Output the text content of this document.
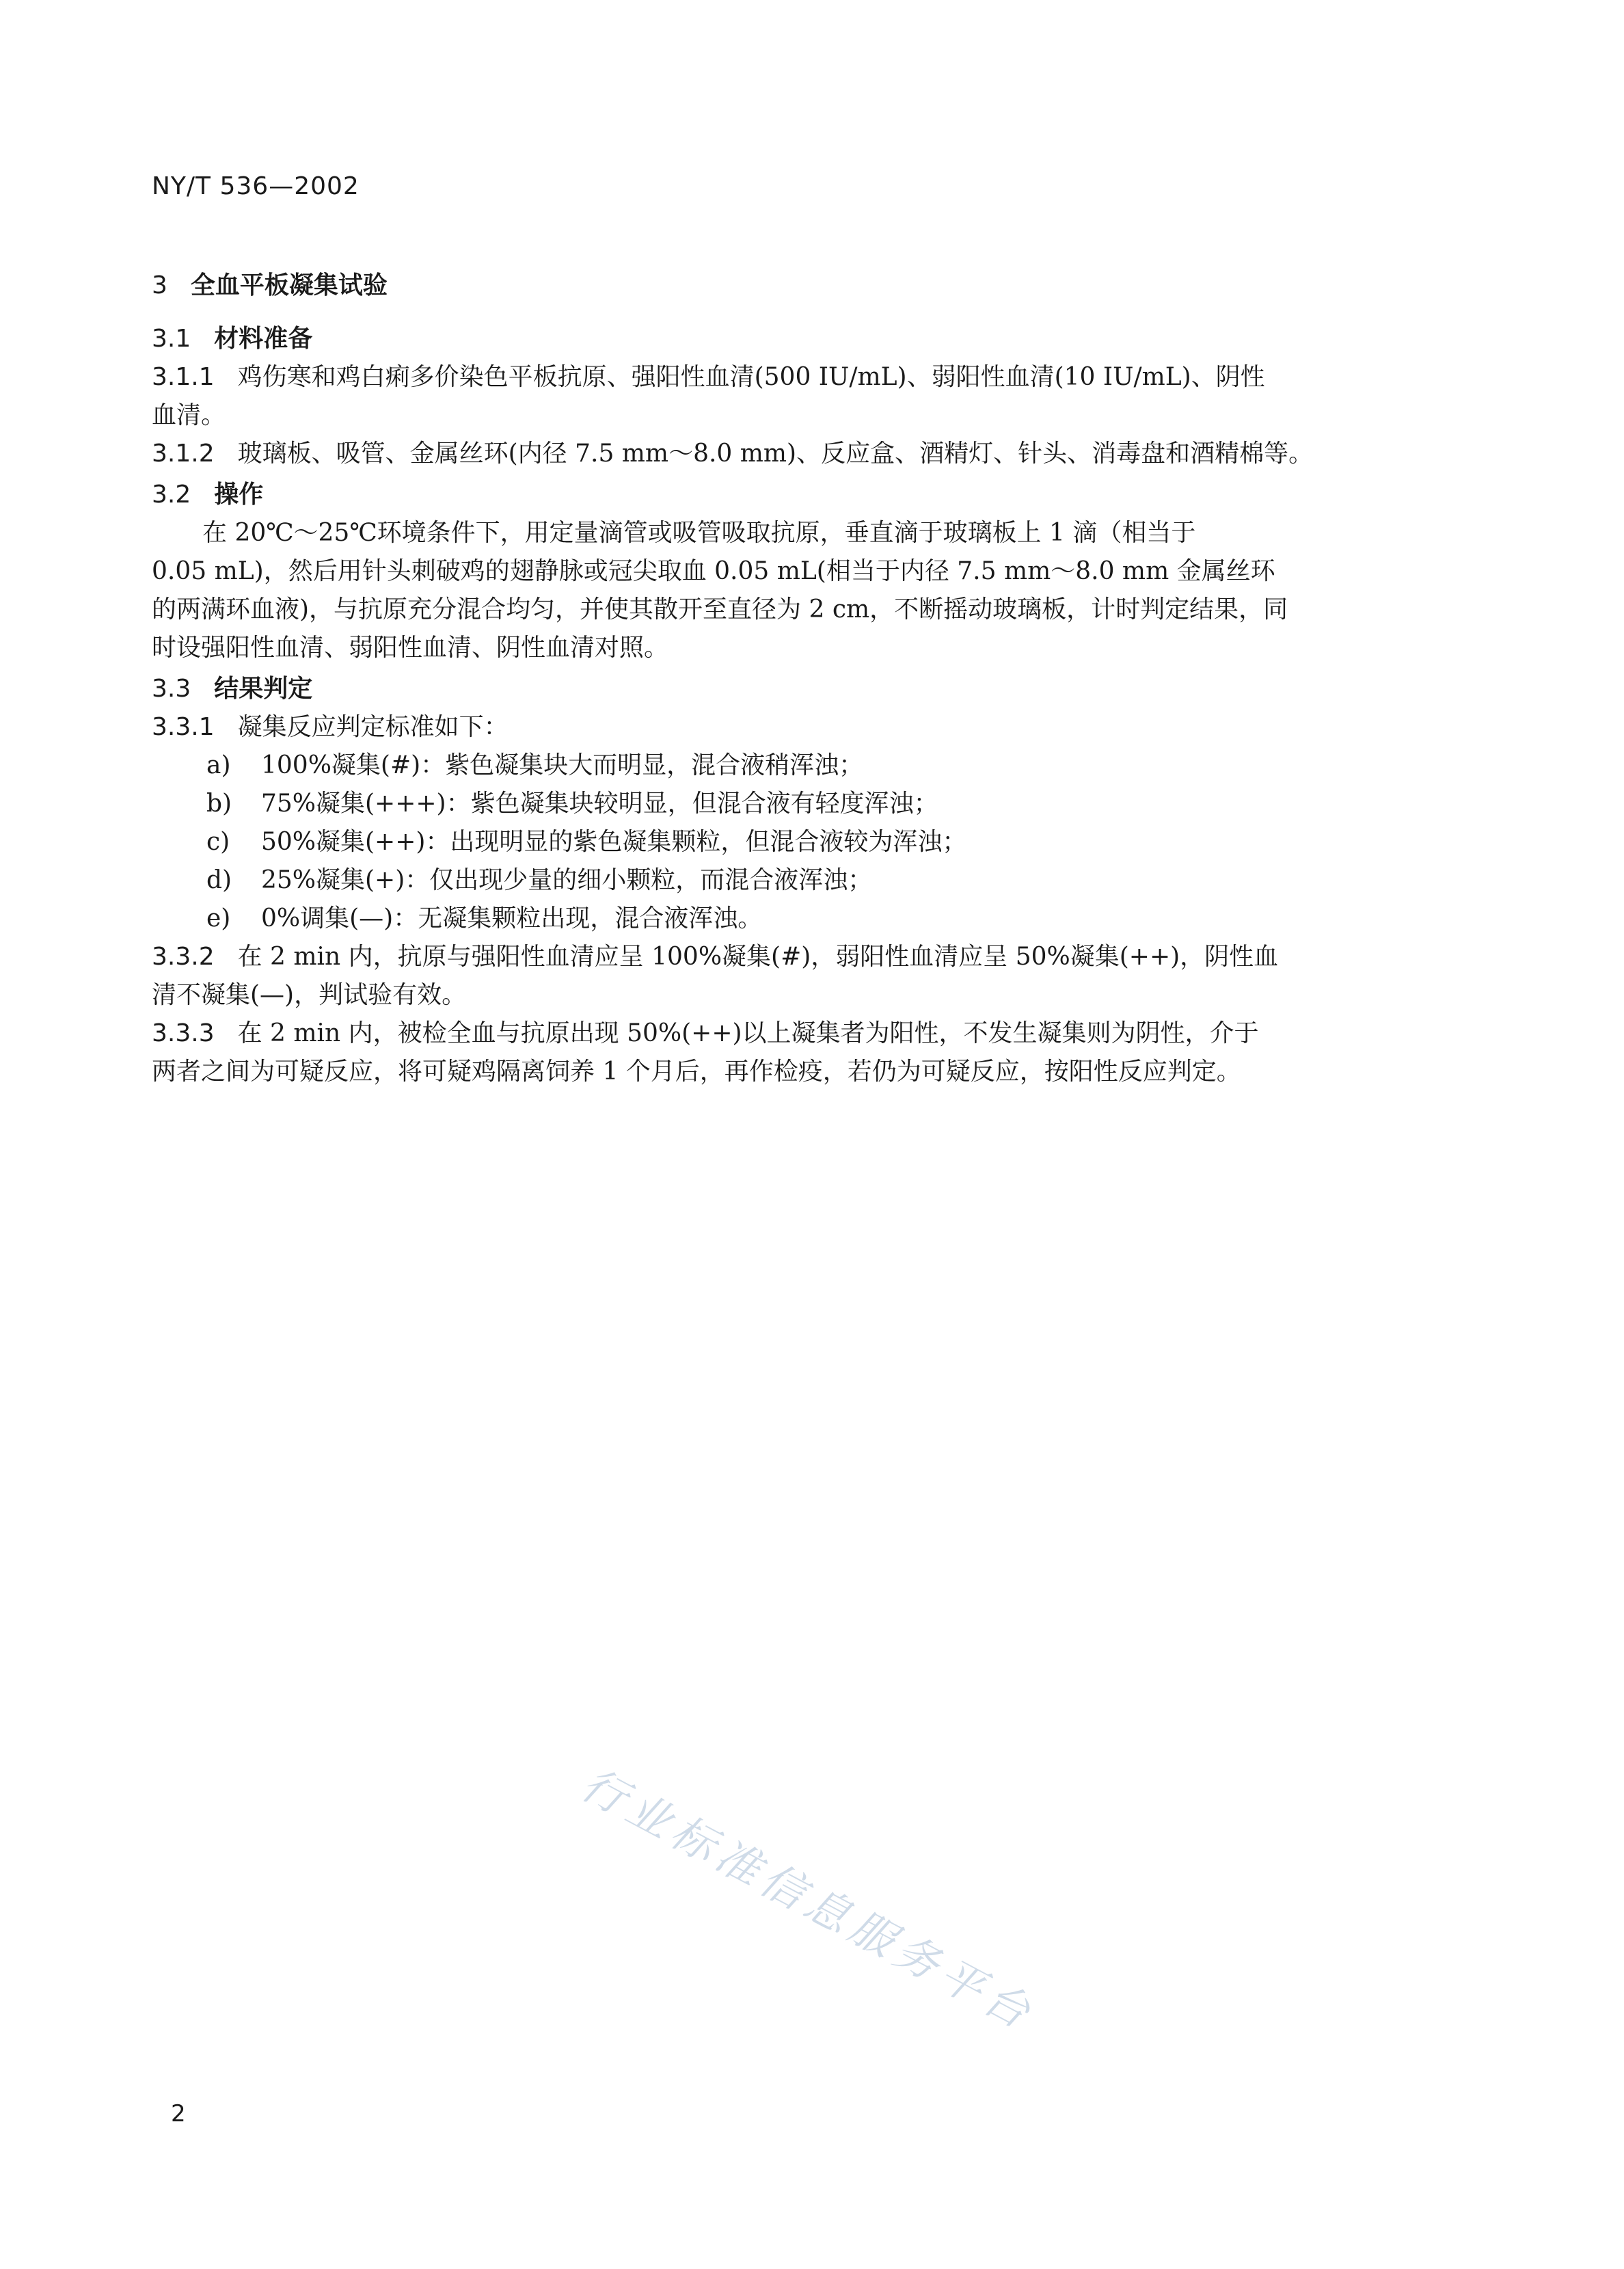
NY/T 536—2002
3 全血平板凝集试验
3.1 材料准备
3.1.1 鸡伤寒和鸡白痢多价染色平板抗原、强阳性血清(500 IU/mL)、弱阳性血清(10 IU/mL)、阴性
血清。
3.1.2 玻璃板、吸管、金属丝环(内径 7.5 mm～8.0 mm)、反应盒、酒精灯、针头、消毒盘和酒精棉等。
3.2 操作
在 20℃～25℃环境条件下，用定量滴管或吸管吸取抗原，垂直滴于玻璃板上 1 滴（相当于
0.05 mL)，然后用针头刺破鸡的翅静脉或冠尖取血 0.05 mL(相当于内径 7.5 mm～8.0 mm 金属丝环
的两满环血液)，与抗原充分混合均匀，并使其散开至直径为 2 cm，不断摇动玻璃板，计时判定结果，同
时设强阳性血清、弱阳性血清、阴性血清对照。
3.3 结果判定
3.3.1 凝集反应判定标准如下：
a) 100%凝集(#)：紫色凝集块大而明显，混合液稍浑浊；
b) 75%凝集(+++)：紫色凝集块较明显，但混合液有轻度浑浊；
c) 50%凝集(++)：出现明显的紫色凝集颗粒，但混合液较为浑浊；
d) 25%凝集(+)：仅出现少量的细小颗粒，而混合液浑浊；
e) 0%调集(—)：无凝集颗粒出现，混合液浑浊。
3.3.2 在 2 min 内，抗原与强阳性血清应呈 100%凝集(#)，弱阳性血清应呈 50%凝集(++)，阴性血
清不凝集(—)，判试验有效。
3.3.3 在 2 min 内，被检全血与抗原出现 50%(++)以上凝集者为阳性，不发生凝集则为阴性，介于
两者之间为可疑反应，将可疑鸡隔离饲养 1 个月后，再作检疫，若仍为可疑反应，按阳性反应判定。
行业标准信息服务平台
2
